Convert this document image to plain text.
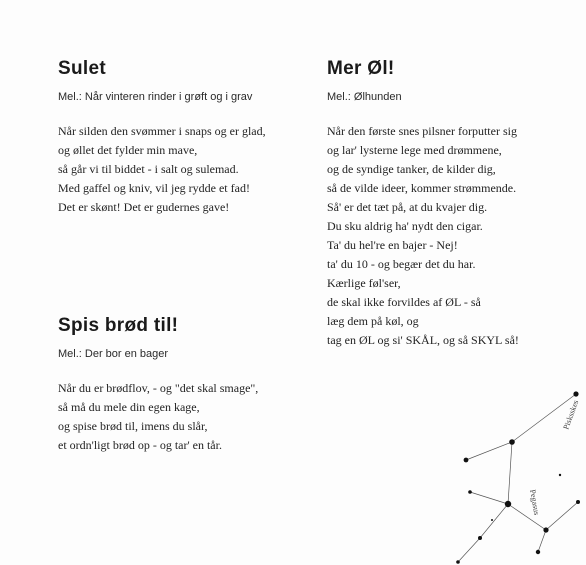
Sulet

Mel.: Når vinteren rinder i grøft og i grav

Når silden den svømmer i snaps og er glad,
og øllet det fylder min mave,
så går vi til biddet - i salt og sulemad.
Med gaffel og kniv, vil jeg rydde et fad!
Det er skønt! Det er gudernes gave!
Spis brød til!

Mel.: Der bor en bager

Når du er brødflov, - og "det skal smage",
så må du mele din egen kage,
og spise brød til, imens du slår,
et ordn'ligt brød op - og tar' en tår.
Mer Øl!

Mel.: Ølhunden

Når den første snes pilsner forputter sig
og lar' lysterne lege med drømmene,
og de syndige tanker, de kilder dig,
så de vilde ideer, kommer strømmende.
Så' er det tæt på, at du kvajer dig.
Du sku aldrig ha' nydt den cigar.
Ta' du hel're en bajer - Nej!
ta' du 10 - og begær det du har.
Kærlige føl'ser,
de skal ikke forvildes af ØL - så
læg dem på køl, og
tag en ØL og si' SKÅL, og så SKYL så!
Pisksskes
Pegasus
